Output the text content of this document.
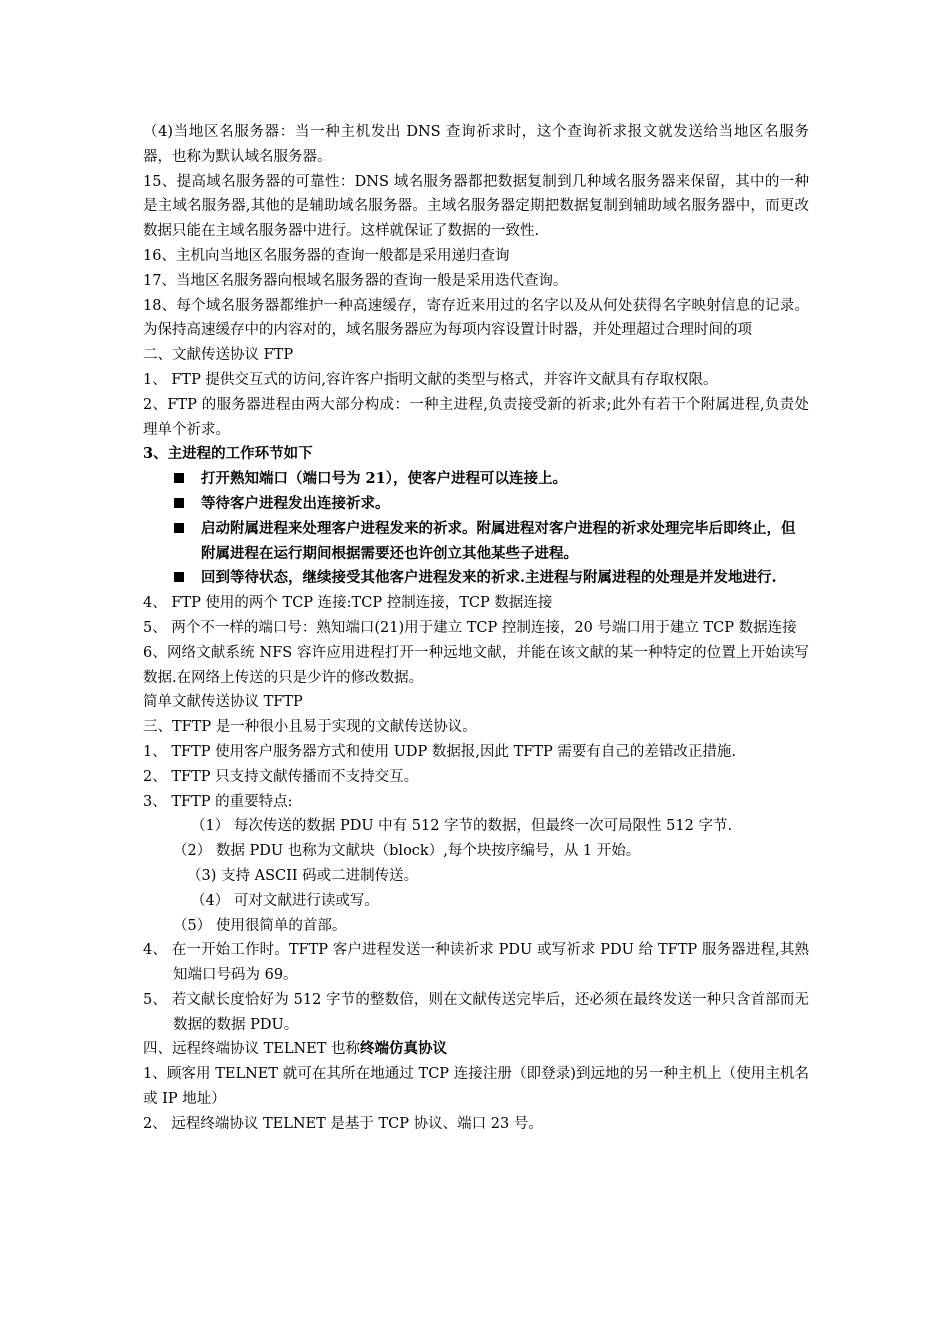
（4)当地区名服务器：当一种主机发出 DNS 查询祈求时，这个查询祈求报文就发送给当地区名服务器，也称为默认域名服务器。

15、提高域名服务器的可靠性：DNS 域名服务器都把数据复制到几种域名服务器来保留，其中的一种是主域名服务器,其他的是辅助域名服务器。主域名服务器定期把数据复制到辅助域名服务器中，而更改数据只能在主域名服务器中进行。这样就保证了数据的一致性.

16、主机向当地区名服务器的查询一般都是采用递归查询

17、当地区名服务器向根域名服务器的查询一般是采用迭代查询。

18、每个域名服务器都维护一种高速缓存，寄存近来用过的名字以及从何处获得名字映射信息的记录。为保持高速缓存中的内容对的，域名服务器应为每项内容设置计时器，并处理超过合理时间的项

二、文献传送协议 FTP

1、 FTP 提供交互式的访问,容许客户指明文献的类型与格式，并容许文献具有存取权限。

2、FTP 的服务器进程由两大部分构成：一种主进程,负责接受新的祈求;此外有若干个附属进程,负责处理单个祈求。

3、主进程的工作环节如下

打开熟知端口（端口号为 21），使客户进程可以连接上。
等待客户进程发出连接祈求。
启动附属进程来处理客户进程发来的祈求。附属进程对客户进程的祈求处理完毕后即终止，但附属进程在运行期间根据需要还也许创立其他某些子进程。
回到等待状态，继续接受其他客户进程发来的祈求.主进程与附属进程的处理是并发地进行.

4、 FTP 使用的两个 TCP 连接:TCP 控制连接，TCP 数据连接

5、 两个不一样的端口号：熟知端口(21)用于建立 TCP 控制连接，20 号端口用于建立 TCP 数据连接

6、网络文献系统 NFS 容许应用进程打开一种远地文献，并能在该文献的某一种特定的位置上开始读写数据.在网络上传送的只是少许的修改数据。

简单文献传送协议 TFTP

三、TFTP 是一种很小且易于实现的文献传送协议。

1、 TFTP 使用客户服务器方式和使用 UDP 数据报,因此 TFTP 需要有自己的差错改正措施.

2、 TFTP 只支持文献传播而不支持交互。

3、 TFTP 的重要特点:

（1） 每次传送的数据 PDU 中有 512 字节的数据，但最终一次可局限性 512 字节.

（2） 数据 PDU 也称为文献块（block）,每个块按序编号，从 1 开始。

（3) 支持 ASCII 码或二进制传送。

（4） 可对文献进行读或写。

（5） 使用很简单的首部。

4、 在一开始工作时。TFTP 客户进程发送一种读祈求 PDU 或写祈求 PDU 给 TFTP 服务器进程,其熟知端口号码为 69。

5、 若文献长度恰好为 512 字节的整数倍，则在文献传送完毕后，还必须在最终发送一种只含首部而无数据的数据 PDU。

四、远程终端协议 TELNET 也称终端仿真协议

1、顾客用 TELNET 就可在其所在地通过 TCP 连接注册（即登录)到远地的另一种主机上（使用主机名或 IP 地址）

2、 远程终端协议 TELNET 是基于 TCP 协议、端口 23 号。
